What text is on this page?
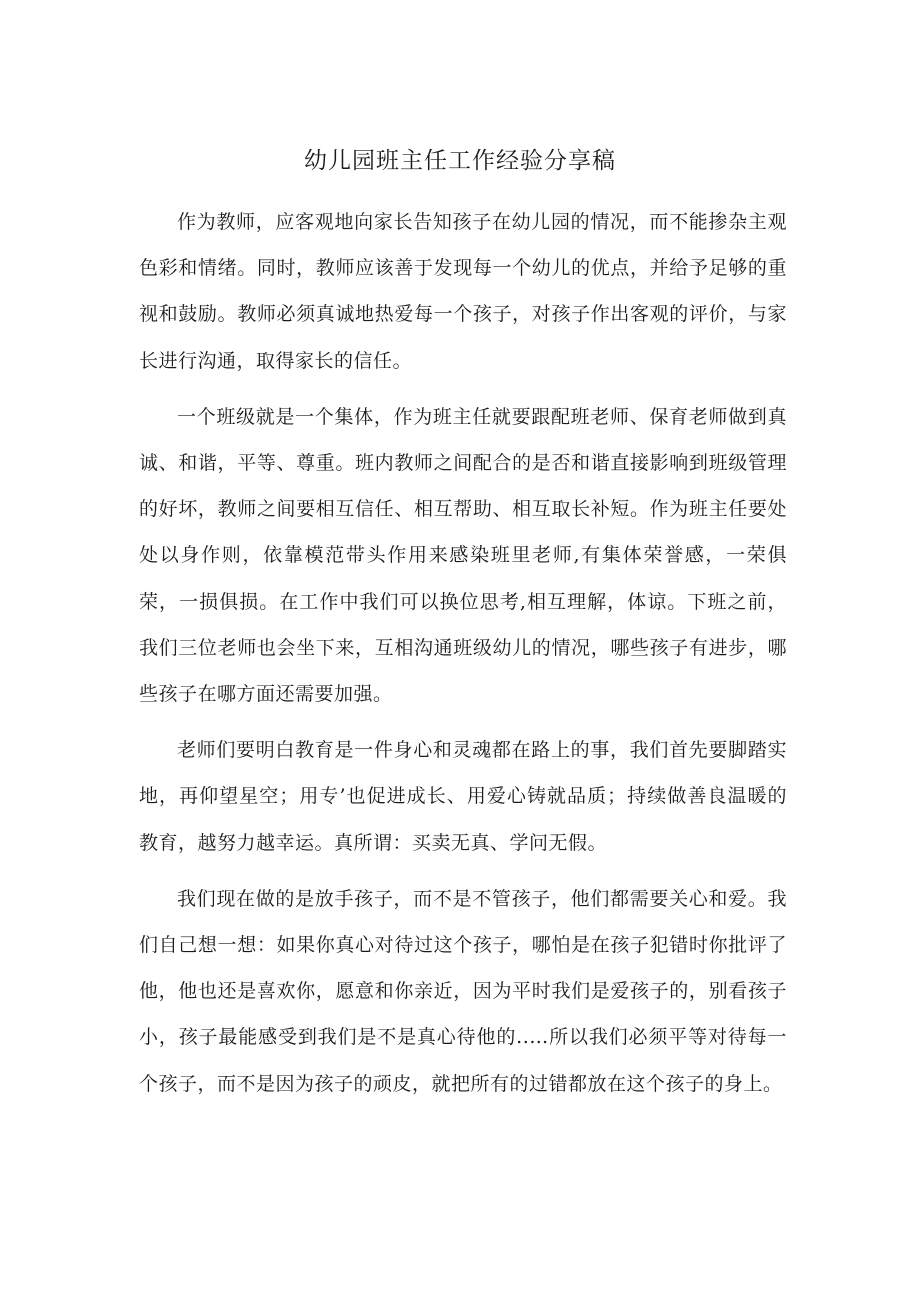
幼儿园班主任工作经验分享稿

作为教师，应客观地向家长告知孩子在幼儿园的情况，而不能掺杂主观色彩和情绪。同时，教师应该善于发现每一个幼儿的优点，并给予足够的重视和鼓励。教师必须真诚地热爱每一个孩子，对孩子作出客观的评价，与家长进行沟通，取得家长的信任。

一个班级就是一个集体，作为班主任就要跟配班老师、保育老师做到真诚、和谐，平等、尊重。班内教师之间配合的是否和谐直接影响到班级管理的好坏，教师之间要相互信任、相互帮助、相互取长补短。作为班主任要处处以身作则，依靠模范带头作用来感染班里老师,有集体荣誉感，一荣俱荣，一损俱损。在工作中我们可以换位思考,相互理解，体谅。下班之前，我们三位老师也会坐下来，互相沟通班级幼儿的情况，哪些孩子有进步，哪些孩子在哪方面还需要加强。

老师们要明白教育是一件身心和灵魂都在路上的事，我们首先要脚踏实地，再仰望星空；用专’也促进成长、用爱心铸就品质；持续做善良温暖的教育，越努力越幸运。真所谓：买卖无真、学问无假。

我们现在做的是放手孩子，而不是不管孩子，他们都需要关心和爱。我们自己想一想：如果你真心对待过这个孩子，哪怕是在孩子犯错时你批评了他，他也还是喜欢你，愿意和你亲近，因为平时我们是爱孩子的，别看孩子小，孩子最能感受到我们是不是真心待他的..…所以我们必须平等对待每一个孩子，而不是因为孩子的顽皮，就把所有的过错都放在这个孩子的身上。
